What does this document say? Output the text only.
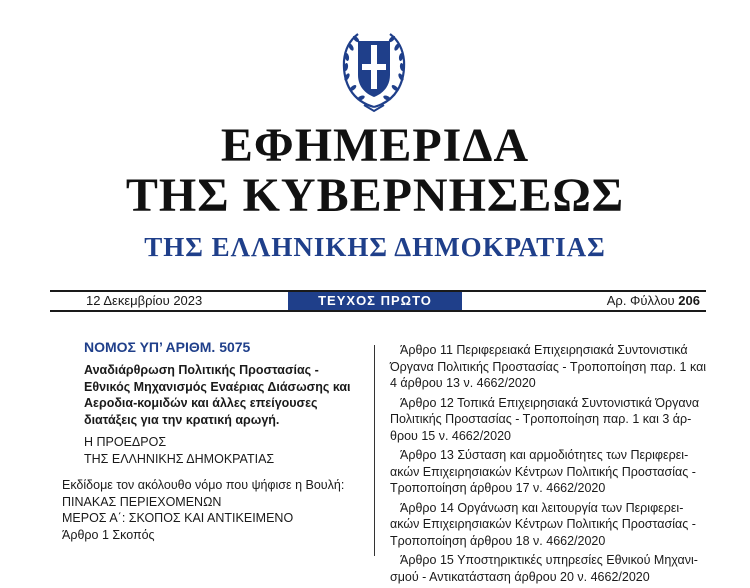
ΕΦΗΜΕΡΙΔΑ
ΤΗΣ ΚΥΒΕΡΝΗΣΕΩΣ
ΤΗΣ ΕΛΛΗΝΙΚΗΣ ΔΗΜΟΚΡΑΤΙΑΣ
12 Δεκεμβρίου 2023	ΤΕΥΧΟΣ ΠΡΩΤΟ	Αρ. Φύλλου 206
ΝΟΜΟΣ ΥΠ’ ΑΡΙΘΜ. 5075
Αναδιάρθρωση Πολιτικής Προστασίας - Εθνικός Μηχανισμός Εναέριας Διάσωσης και Αεροδια-κομιδών και άλλες επείγουσες διατάξεις για την κρατική αρωγή.
Η ΠΡΟΕΔΡΟΣ
ΤΗΣ ΕΛΛΗΝΙΚΗΣ ΔΗΜΟΚΡΑΤΙΑΣ

Εκδίδομε τον ακόλουθο νόμο που ψήφισε η Βουλή:

ΠΙΝΑΚΑΣ ΠΕΡΙΕΧΟΜΕΝΩΝ

ΜΕΡΟΣ Α΄: ΣΚΟΠΟΣ ΚΑΙ ΑΝΤΙΚΕΙΜΕΝΟ

Άρθρο 1 Σκοπός

Άρθρο 11 Περιφερειακά Επιχειρησιακά Συντονιστικά Όργανα Πολιτικής Προστασίας - Τροποποίηση παρ. 1 και 4 άρθρου 13 ν. 4662/2020

Άρθρο 12 Τοπικά Επιχειρησιακά Συντονιστικά Όργανα Πολιτικής Προστασίας - Τροποποίηση παρ. 1 και 3 άρ-θρου 15 ν. 4662/2020

Άρθρο 13 Σύσταση και αρμοδιότητες των Περιφερει-ακών Επιχειρησιακών Κέντρων Πολιτικής Προστασίας - Τροποποίηση άρθρου 17 ν. 4662/2020

Άρθρο 14 Οργάνωση και λειτουργία των Περιφερει-ακών Επιχειρησιακών Κέντρων Πολιτικής Προστασίας - Τροποποίηση άρθρου 18 ν. 4662/2020

Άρθρο 15 Υποστηρικτικές υπηρεσίες Εθνικού Μηχανι-σμού - Αντικατάσταση άρθρου 20 ν. 4662/2020
